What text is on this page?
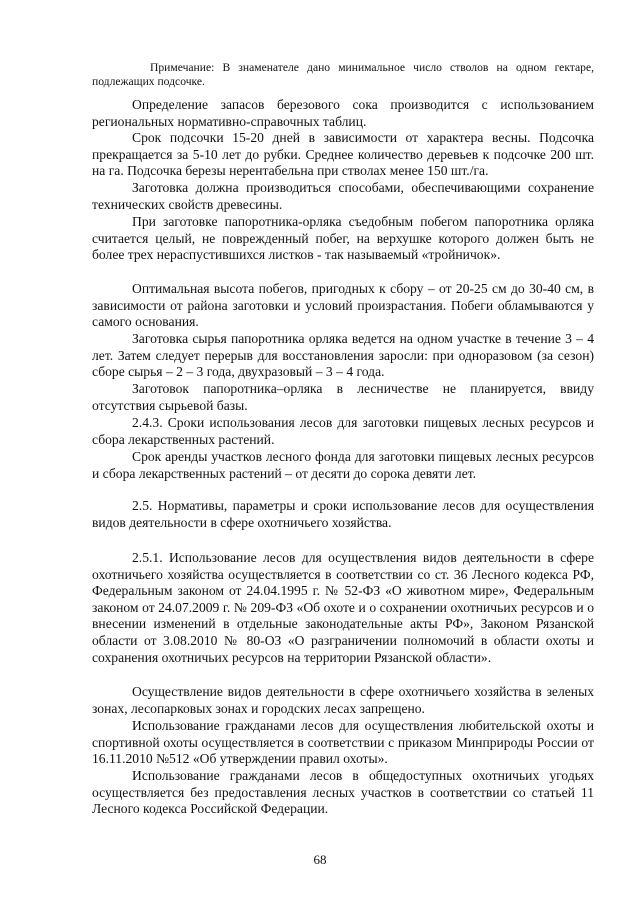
Примечание: В знаменателе дано минимальное число стволов на одном гектаре, подлежащих подсочке.

Определение запасов березового сока производится с использованием региональных нормативно-справочных таблиц.

Срок подсочки 15-20 дней в зависимости от характера весны. Подсочка прекращается за 5-10 лет до рубки. Среднее количество деревьев к подсочке 200 шт. на га. Подсочка березы нерентабельна при стволах менее 150 шт./га.

Заготовка должна производиться способами, обеспечивающими сохранение технических свойств древесины.

При заготовке папоротника-орляка съедобным побегом папоротника орляка считается целый, не поврежденный побег, на верхушке которого должен быть не более трех нераспустившихся листков - так называемый «тройничок».

Оптимальная высота побегов, пригодных к сбору – от 20-25 см до 30-40 см, в зависимости от района заготовки и условий произрастания. Побеги обламываются у самого основания.

Заготовка сырья папоротника орляка ведется на одном участке в течение 3 – 4 лет. Затем следует перерыв для восстановления заросли: при одноразовом (за сезон) сборе сырья – 2 – 3 года, двухразовый – 3 – 4 года.

Заготовок папоротника–орляка в лесничестве не планируется, ввиду отсутствия сырьевой базы.

2.4.3. Сроки использования лесов для заготовки пищевых лесных ресурсов и сбора лекарственных растений.

Срок аренды участков лесного фонда для заготовки пищевых лесных ресурсов и сбора лекарственных растений – от десяти до сорока девяти лет.

2.5. Нормативы, параметры и сроки использование лесов для осуществления видов деятельности в сфере охотничьего хозяйства.

2.5.1. Использование лесов для осуществления видов деятельности в сфере охотничьего хозяйства осуществляется в соответствии со ст. 36 Лесного кодекса РФ, Федеральным законом от 24.04.1995 г. № 52-ФЗ «О животном мире», Федеральным законом от 24.07.2009 г. № 209-ФЗ «Об охоте и о сохранении охотничьих ресурсов и о внесении изменений в отдельные законодательные акты РФ», Законом Рязанской области от 3.08.2010 № 80-ОЗ «О разграничении полномочий в области охоты и сохранения охотничьих ресурсов на территории Рязанской области».

Осуществление видов деятельности в сфере охотничьего хозяйства в зеленых зонах, лесопарковых зонах и городских лесах запрещено.

Использование гражданами лесов для осуществления любительской охоты и спортивной охоты осуществляется в соответствии с приказом Минприроды России от 16.11.2010 №512 «Об утверждении правил охоты».

Использование гражданами лесов в общедоступных охотничьих угодьях осуществляется без предоставления лесных участков в соответствии со статьей 11 Лесного кодекса Российской Федерации.

68
